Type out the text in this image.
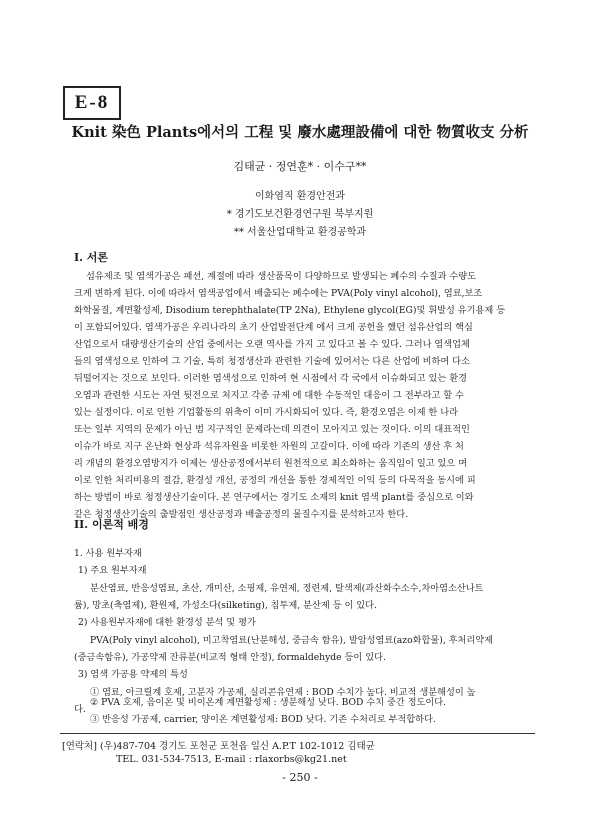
E-8
Knit 染色 Plants에서의 工程 및 廢水處理設備에 대한 物質收支 分析
김태균 · 정연훈* · 이수구**
이화염직 환경안전과
* 경기도보건환경연구원 북부지원
** 서울산업대학교 환경공학과
I. 서론
섬유제조 및 염색가공은 패션, 계절에 따라 생산품목이 다양하므로 발생되는 폐수의 수질과 수량도
크게 변하게 된다. 이에 따라서 염색공업에서 배출되는 폐수에는 PVA(Poly vinyl alcohol), 염료,보조
화학물질, 계면활성제, Disodium terephthalate(TP 2Na), Ethylene glycol(EG)및 휘발성 유기용제 등
이 포함되어있다. 염색가공은 우리나라의 초기 산업발전단계 에서 크게 공헌을 했던 섬유산업의 핵심
산업으로서 대량생산기술의 산업 중에서는 오랜 역사를 가지 고 있다고 볼 수 있다. 그러나 염색업체
들의 염색성으로 인하여 그 기술, 특히 청정생산과 관련한 기술에 있어서는 다른 산업에 비하여 다소
뒤떨어지는 것으로 보인다. 이러한 염색성으로 인하여 현 시점에서 각 국에서 이슈화되고 있는 환경
오염과 관련한 시도는 자연 뒷전으로 처지고 각종 규제 에 대한 수동적인 대응이 그 전부라고 할 수
있는 실정이다. 이로 인한 기업활동의 위축이 이미 가시화되어 있다. 즉, 환경오염은 이제 한 나라
또는 일부 지역의 문제가 아닌 범 지구적인 문제라는데 의견이 모아지고 있는 것이다. 이의 대표적인
이슈가 바로 지구 온난화 현상과 석유자원을 비롯한 자원의 고갈이다. 이에 따라 기존의 생산 후 처
리 개념의 환경오염방지가 이제는 생산공정에서부터 원천적으로 최소화하는 움직임이 일고 있으 며
이로 인한 처리비용의 절감, 환경성 개선, 공정의 개선을 통한 경제적인 이익 등의 다목적을 동시에 피
하는 방법이 바로 청정생산기술이다. 본 연구에서는 경기도 소재의 knit 염색 plant를 중심으로 이와
같은 청정생산기술의 출발점인 생산공정과 배출공정의 물질수지를 분석하고자 한다.
II. 이론적 배경
1. 사용 원부자재
1) 주요 원부자재
분산염료, 반응성염료, 초산, 개미산, 소핑제, 유연제, 정련제, 탈색제(과산화수소수,차아염소산나트
륨), 망초(축염제), 환원제, 가성소다(silketing), 침투제, 분산제 등 이 있다.
2) 사용원부자재에 대한 환경성 분석 및 평가
PVA(Poly vinyl alcohol), 미고착염료(난분해성, 중금속 함유), 발암성염료(azo화합물), 후처리약제
(중금속함유), 가공약제 잔류분(비교적 형태 안정), formaldehyde 등이 있다.
3) 염색 가공용 약제의 특성
① 염료, 아크릴계 호제, 고분자 가공제, 실리콘유연제 : BOD 수치가 높다. 비교적 생분해성이 높
다.
② PVA 호제, 음이온 및 비이온계 계면활성제 : 생분해성 낮다. BOD 수치 중간 정도이다.
③ 반응성 가공제, carrier, 양이온 계면활성제: BOD 낮다. 기존 수처리로 부적합하다.
[연락처] (우)487-704 경기도 포천군 포천읍 일신 A.P.T 102-1012 김태균
TEL. 031-534-7513, E-mail : rlaxorbs@kg21.net
- 250 -
